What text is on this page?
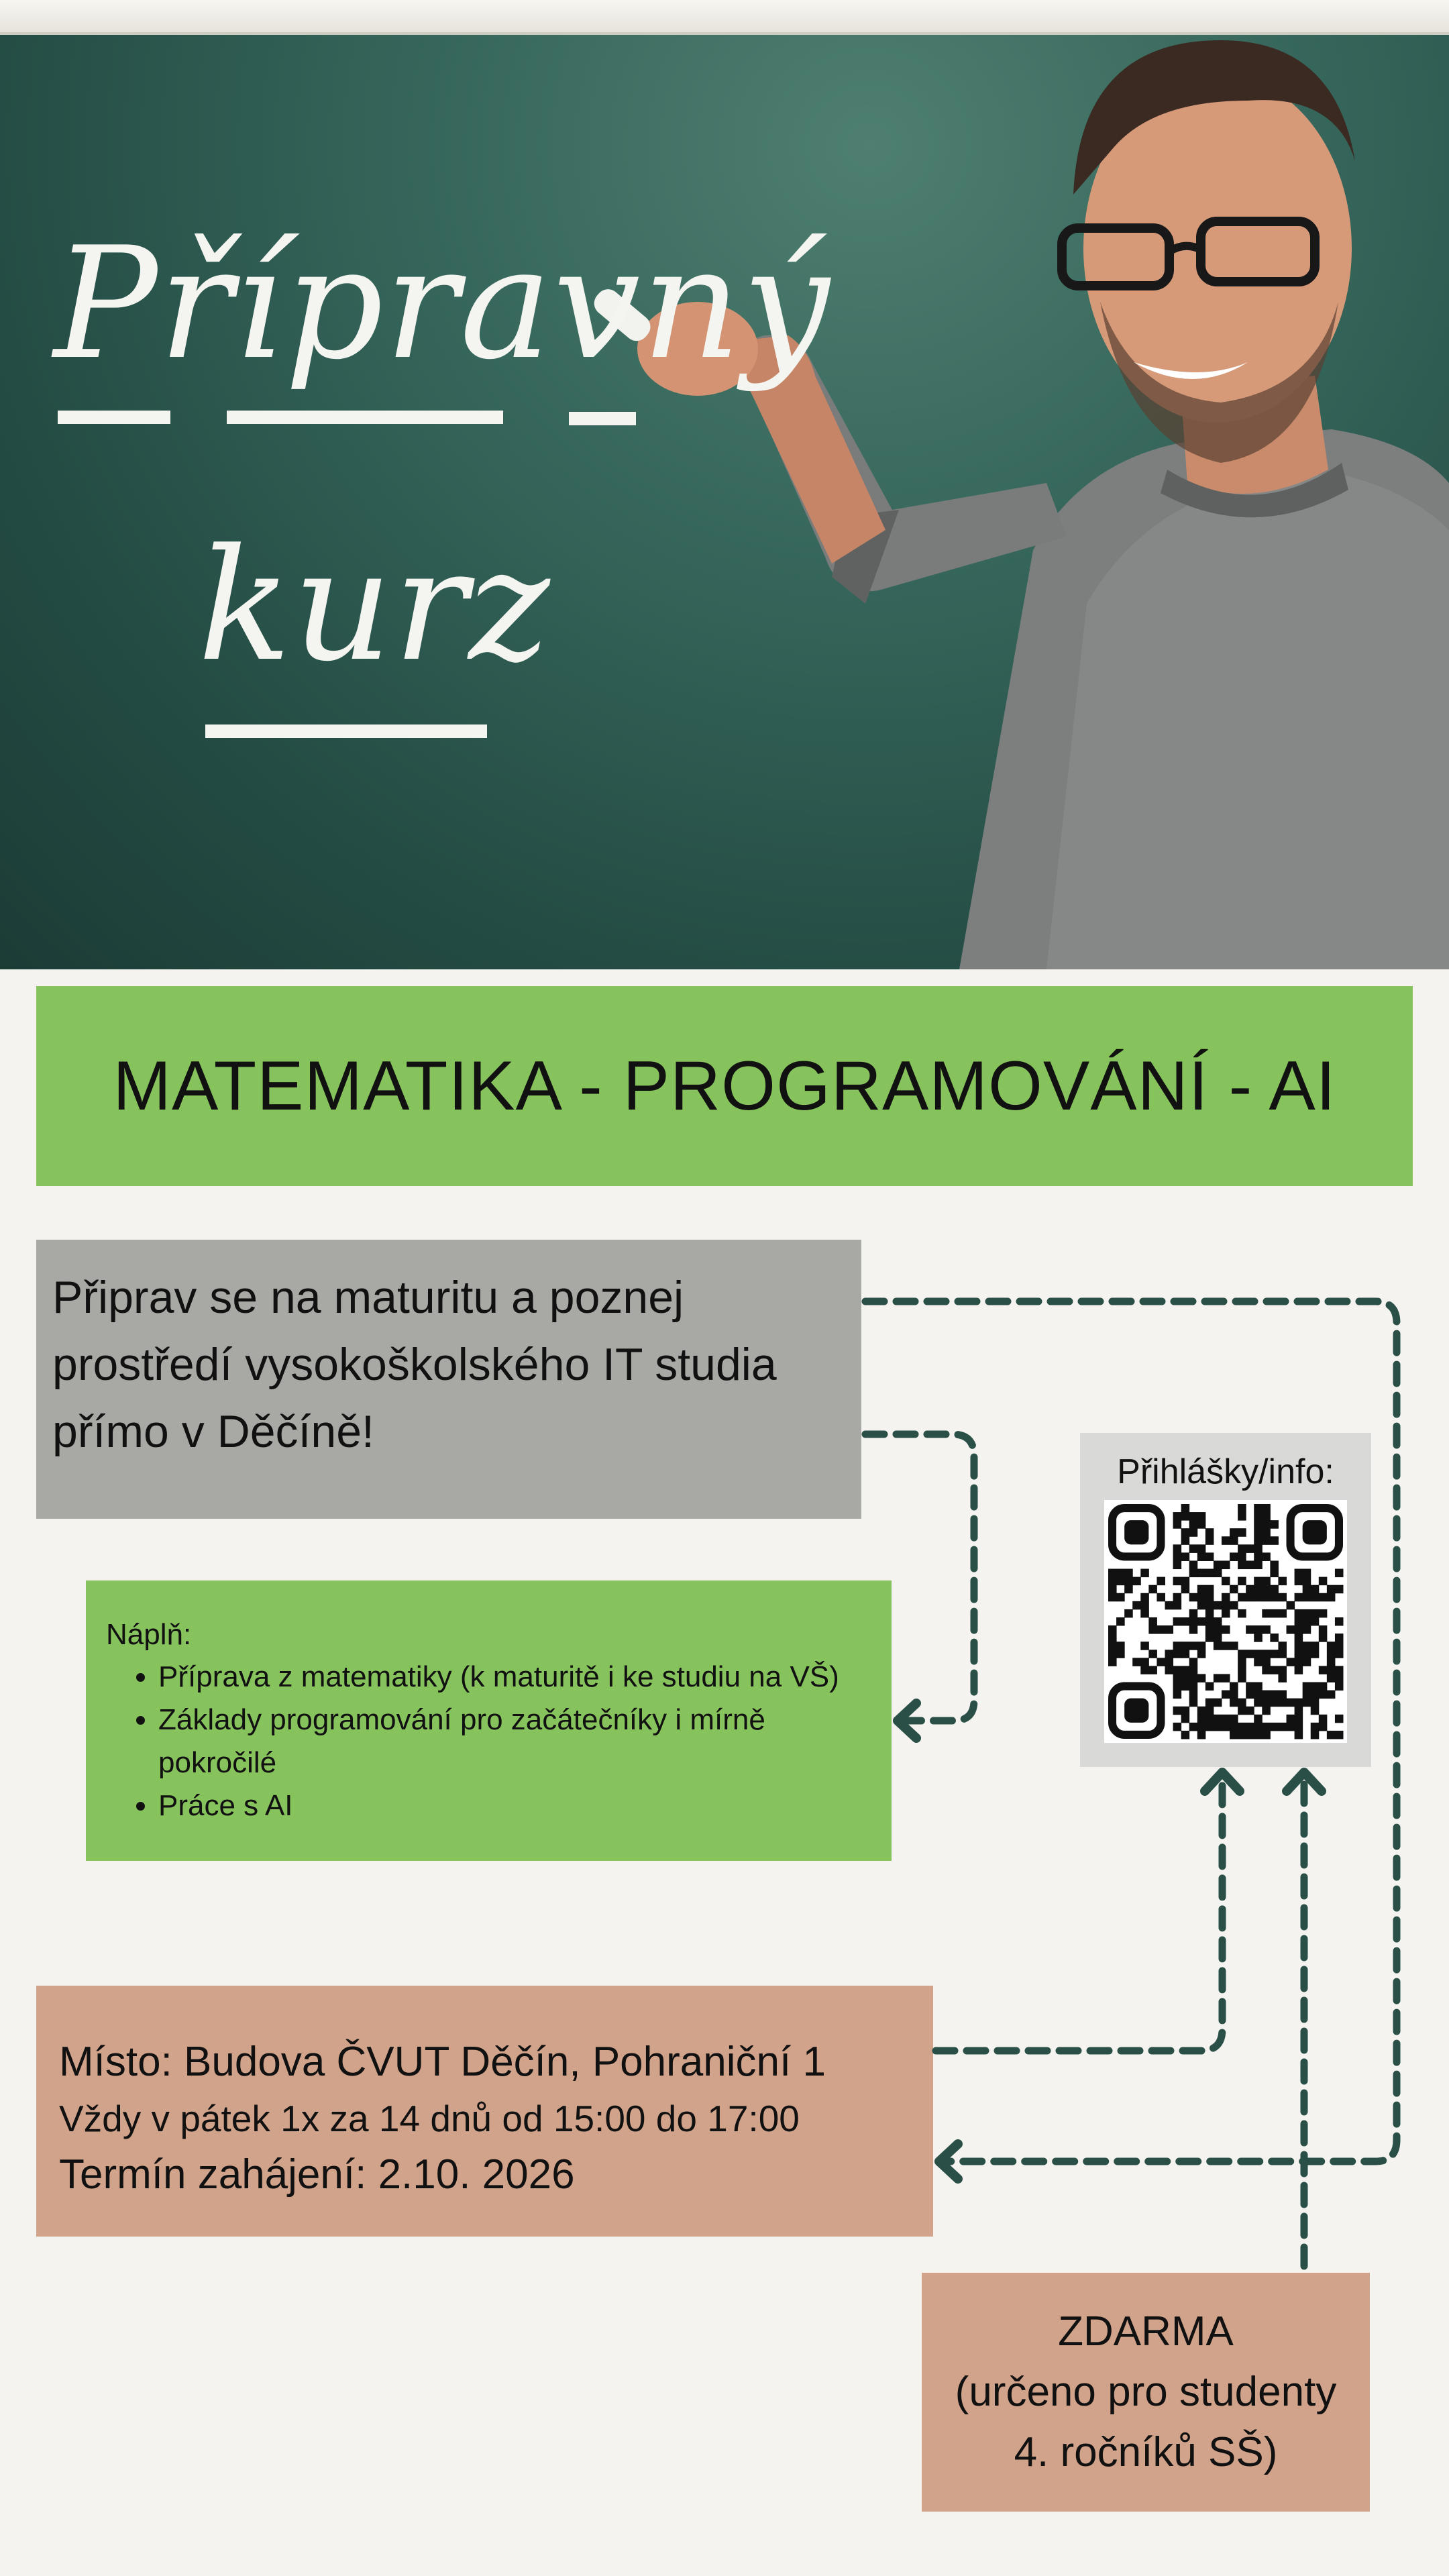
Přípravný
kurz
MATEMATIKA - PROGRAMOVÁNÍ - AI

Připrav se na maturitu a poznej

prostředí vysokoškolského IT studia

přímo v Děčíně!

Náplň:
• Příprava z matematiky (k maturitě i ke studiu na VŠ)
• Základy programování pro začátečníky i mírně pokročilé
• Práce s AI
Přihlášky/info:
Místo: Budova ČVUT Děčín, Pohraniční 1
Vždy v pátek 1x za 14 dnů od 15:00 do 17:00
Termín zahájení: 2.10. 2026
ZDARMA
(určeno pro studenty
4. ročníků SŠ)
